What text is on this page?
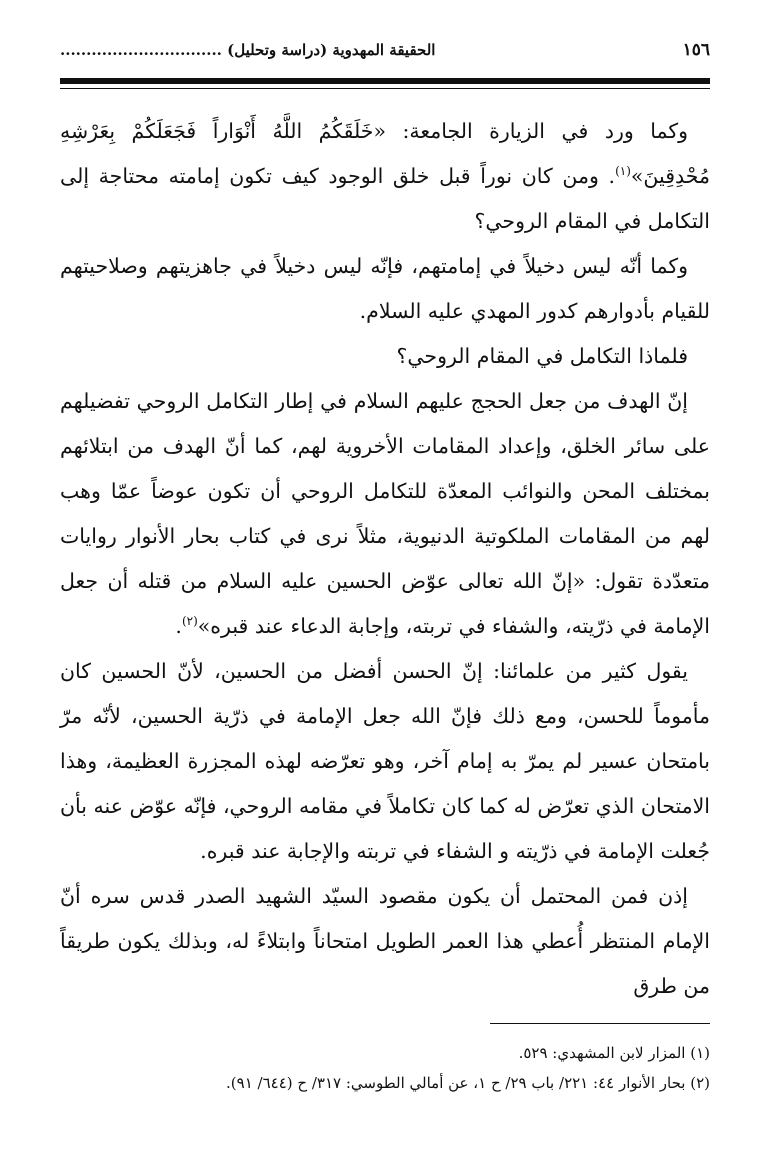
١٥٦
الحقيقة المهدوية (دراسة وتحليل) ...............................

وكما ورد في الزيارة الجامعة: «خَلَقَكُمُ اللَّهُ أَنْوَاراً فَجَعَلَكُمْ بِعَرْشِهِ مُحْدِقِينَ»$^{(١)}$. ومن كان نوراً قبل خلق الوجود كيف تكون إمامته محتاجة إلى التكامل في المقام الروحي؟

وكما أنّه ليس دخيلاً في إمامتهم، فإنّه ليس دخيلاً في جاهزيتهم وصلاحيتهم للقيام بأدوارهم كدور المهدي عليه السلام.

فلماذا التكامل في المقام الروحي؟

إنّ الهدف من جعل الحجج عليهم السلام في إطار التكامل الروحي تفضيلهم على سائر الخلق، وإعداد المقامات الأخروية لهم، كما أنّ الهدف من ابتلائهم بمختلف المحن والنوائب المعدّة للتكامل الروحي أن تكون عوضاً عمّا وهب لهم من المقامات الملكوتية الدنيوية، مثلاً نرى في كتاب بحار الأنوار روايات متعدّدة تقول: «إنّ الله تعالى عوّض الحسين عليه السلام من قتله أن جعل الإمامة في ذرّيته، والشفاء في تربته، وإجابة الدعاء عند قبره»$^{(٢)}$.

يقول كثير من علمائنا: إنّ الحسن أفضل من الحسين، لأنّ الحسين كان مأموماً للحسن، ومع ذلك فإنّ الله جعل الإمامة في ذرّية الحسين، لأنّه مرّ بامتحان عسير لم يمرّ به إمام آخر، وهو تعرّضه لهذه المجزرة العظيمة، وهذا الامتحان الذي تعرّض له كما كان تكاملاً في مقامه الروحي، فإنّه عوّض عنه بأن جُعلت الإمامة في ذرّيته و الشفاء في تربته والإجابة عند قبره.

إذن فمن المحتمل أن يكون مقصود السيّد الشهيد الصدر قدس سره أنّ الإمام المنتظر أُعطي هذا العمر الطويل امتحاناً وابتلاءً له، وبذلك يكون طريقاً من طرق

(١) المزار لابن المشهدي: ٥٢٩.

(٢) بحار الأنوار ٤٤: ٢٢١/ باب ٢٩/ ح ١، عن أمالي الطوسي: ٣١٧/ ح (٦٤٤/ ٩١).
